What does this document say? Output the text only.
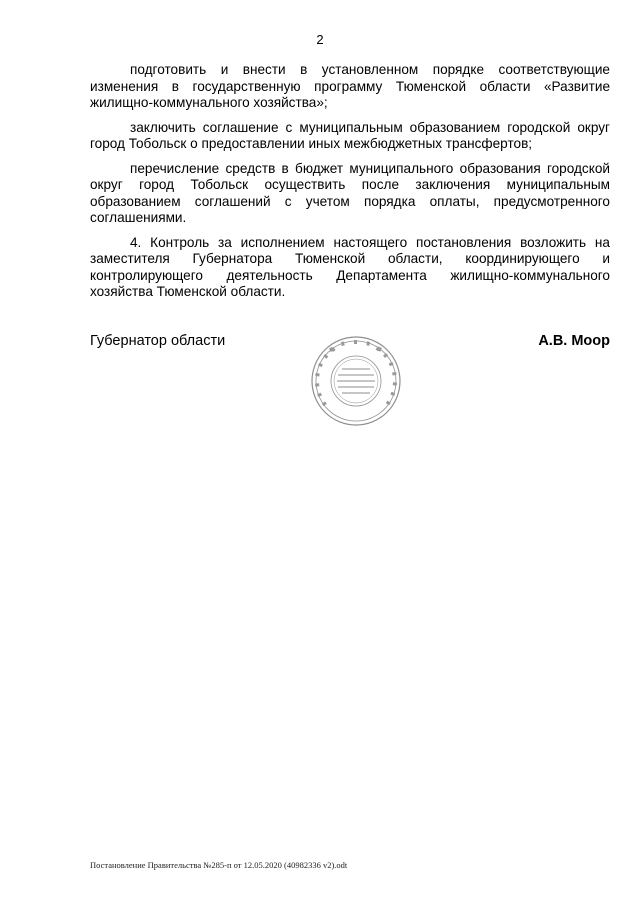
2

подготовить и внести в установленном порядке соответствующие изменения в государственную программу Тюменской области «Развитие жилищно-коммунального хозяйства»;

заключить соглашение с муниципальным образованием городской округ город Тобольск о предоставлении иных межбюджетных трансфертов;

перечисление средств в бюджет муниципального образования городской округ город Тобольск осуществить после заключения муниципальным образованием соглашений с учетом порядка оплаты, предусмотренного соглашениями.

4. Контроль за исполнением настоящего постановления возложить на заместителя Губернатора Тюменской области, координирующего и контролирующего деятельность Департамента жилищно-коммунального хозяйства Тюменской области.

Губернатор области	А.В. Моор
Постановление Правительства №285-п от 12.05.2020 (40982336 v2).odt
